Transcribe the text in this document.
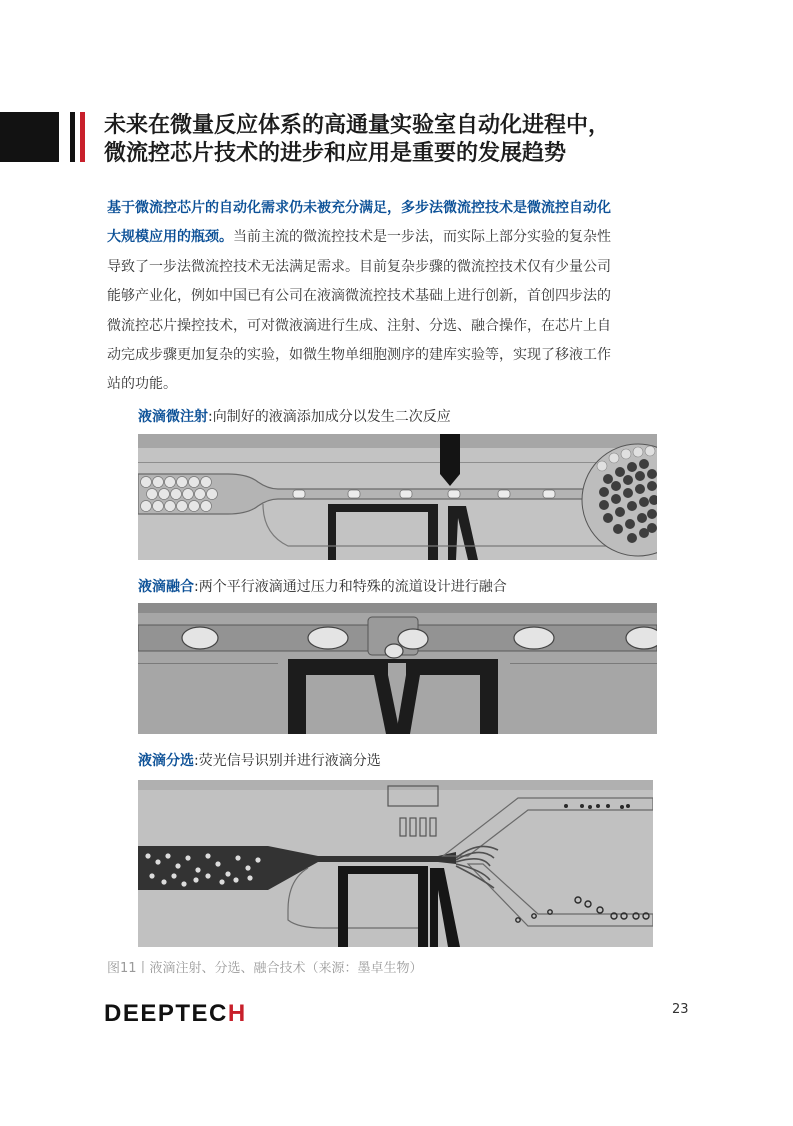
未来在微量反应体系的高通量实验室自动化进程中，
微流控芯片技术的进步和应用是重要的发展趋势
基于微流控芯片的自动化需求仍未被充分满足，多步法微流控技术是微流控自动化
大规模应用的瓶颈。当前主流的微流控技术是一步法，而实际上部分实验的复杂性
导致了一步法微流控技术无法满足需求。目前复杂步骤的微流控技术仅有少量公司
能够产业化，例如中国已有公司在液滴微流控技术基础上进行创新，首创四步法的
微流控芯片操控技术，可对微液滴进行生成、注射、分选、融合操作，在芯片上自
动完成步骤更加复杂的实验，如微生物单细胞测序的建库实验等，实现了移液工作
站的功能。
液滴微注射:向制好的液滴添加成分以发生二次反应
液滴融合:两个平行液滴通过压力和特殊的流道设计进行融合
液滴分选:荧光信号识别并进行液滴分选
图11丨液滴注射、分选、融合技术（来源：墨卓生物）
DEEPTECH	23
